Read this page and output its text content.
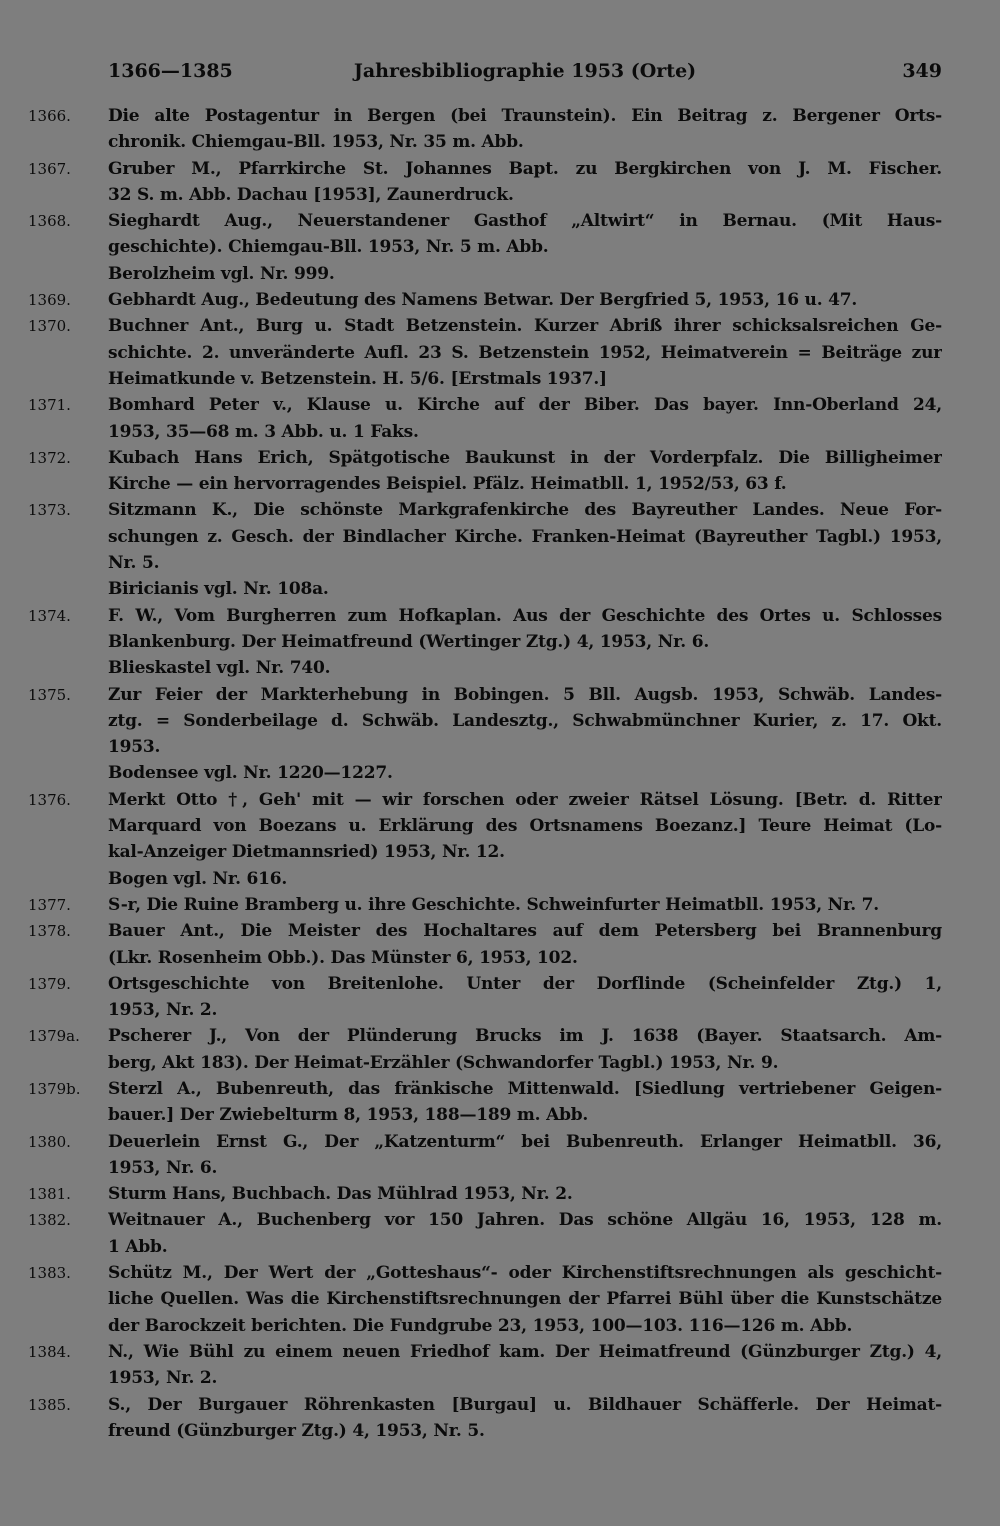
1366—1385	Jahresbibliographie 1953 (Orte)	349
1366.	Die alte Postagentur in Bergen (bei Traunstein). Ein Beitrag z. Bergener Orts-
chronik. Chiemgau-Bll. 1953, Nr. 35 m. Abb.
1367.	Gruber M., Pfarrkirche St. Johannes Bapt. zu Bergkirchen von J. M. Fischer.
32 S. m. Abb. Dachau [1953], Zaunerdruck.
1368.	Sieghardt Aug., Neuerstandener Gasthof „Altwirt“ in Bernau. (Mit Haus-
geschichte). Chiemgau-Bll. 1953, Nr. 5 m. Abb.
Berolzheim vgl. Nr. 999.
1369.	Gebhardt Aug., Bedeutung des Namens Betwar. Der Bergfried 5, 1953, 16 u. 47.
1370.	Buchner Ant., Burg u. Stadt Betzenstein. Kurzer Abriß ihrer schicksalsreichen Ge-
schichte. 2. unveränderte Aufl. 23 S. Betzenstein 1952, Heimatverein = Beiträge zur
Heimatkunde v. Betzenstein. H. 5/6. [Erstmals 1937.]
1371.	Bomhard Peter v., Klause u. Kirche auf der Biber. Das bayer. Inn-Oberland 24,
1953, 35—68 m. 3 Abb. u. 1 Faks.
1372.	Kubach Hans Erich, Spätgotische Baukunst in der Vorderpfalz. Die Billigheimer
Kirche — ein hervorragendes Beispiel. Pfälz. Heimatbll. 1, 1952/53, 63 f.
1373.	Sitzmann K., Die schönste Markgrafenkirche des Bayreuther Landes. Neue For-
schungen z. Gesch. der Bindlacher Kirche. Franken-Heimat (Bayreuther Tagbl.) 1953,
Nr. 5.
Biricianis vgl. Nr. 108a.
1374.	F. W., Vom Burgherren zum Hofkaplan. Aus der Geschichte des Ortes u. Schlosses
Blankenburg. Der Heimatfreund (Wertinger Ztg.) 4, 1953, Nr. 6.
Blieskastel vgl. Nr. 740.
1375.	Zur Feier der Markterhebung in Bobingen. 5 Bll. Augsb. 1953, Schwäb. Landes-
ztg. = Sonderbeilage d. Schwäb. Landesztg., Schwabmünchner Kurier, z. 17. Okt.
1953.
Bodensee vgl. Nr. 1220—1227.
1376.	Merkt Otto †, Geh' mit — wir forschen oder zweier Rätsel Lösung. [Betr. d. Ritter
Marquard von Boezans u. Erklärung des Ortsnamens Boezanz.] Teure Heimat (Lo-
kal-Anzeiger Dietmannsried) 1953, Nr. 12.
Bogen vgl. Nr. 616.
1377.	S-r, Die Ruine Bramberg u. ihre Geschichte. Schweinfurter Heimatbll. 1953, Nr. 7.
1378.	Bauer Ant., Die Meister des Hochaltares auf dem Petersberg bei Brannenburg
(Lkr. Rosenheim Obb.). Das Münster 6, 1953, 102.
1379.	Ortsgeschichte von Breitenlohe. Unter der Dorflinde (Scheinfelder Ztg.) 1,
1953, Nr. 2.
1379a.	Pscherer J., Von der Plünderung Brucks im J. 1638 (Bayer. Staatsarch. Am-
berg, Akt 183). Der Heimat-Erzähler (Schwandorfer Tagbl.) 1953, Nr. 9.
1379b.	Sterzl A., Bubenreuth, das fränkische Mittenwald. [Siedlung vertriebener Geigen-
bauer.] Der Zwiebelturm 8, 1953, 188—189 m. Abb.
1380.	Deuerlein Ernst G., Der „Katzenturm“ bei Bubenreuth. Erlanger Heimatbll. 36,
1953, Nr. 6.
1381.	Sturm Hans, Buchbach. Das Mühlrad 1953, Nr. 2.
1382.	Weitnauer A., Buchenberg vor 150 Jahren. Das schöne Allgäu 16, 1953, 128 m.
1 Abb.
1383.	Schütz M., Der Wert der „Gotteshaus“- oder Kirchenstiftsrechnungen als geschicht-
liche Quellen. Was die Kirchenstiftsrechnungen der Pfarrei Bühl über die Kunstschätze
der Barockzeit berichten. Die Fundgrube 23, 1953, 100—103. 116—126 m. Abb.
1384.	N., Wie Bühl zu einem neuen Friedhof kam. Der Heimatfreund (Günzburger Ztg.) 4,
1953, Nr. 2.
1385.	S., Der Burgauer Röhrenkasten [Burgau] u. Bildhauer Schäfferle. Der Heimat-
freund (Günzburger Ztg.) 4, 1953, Nr. 5.
